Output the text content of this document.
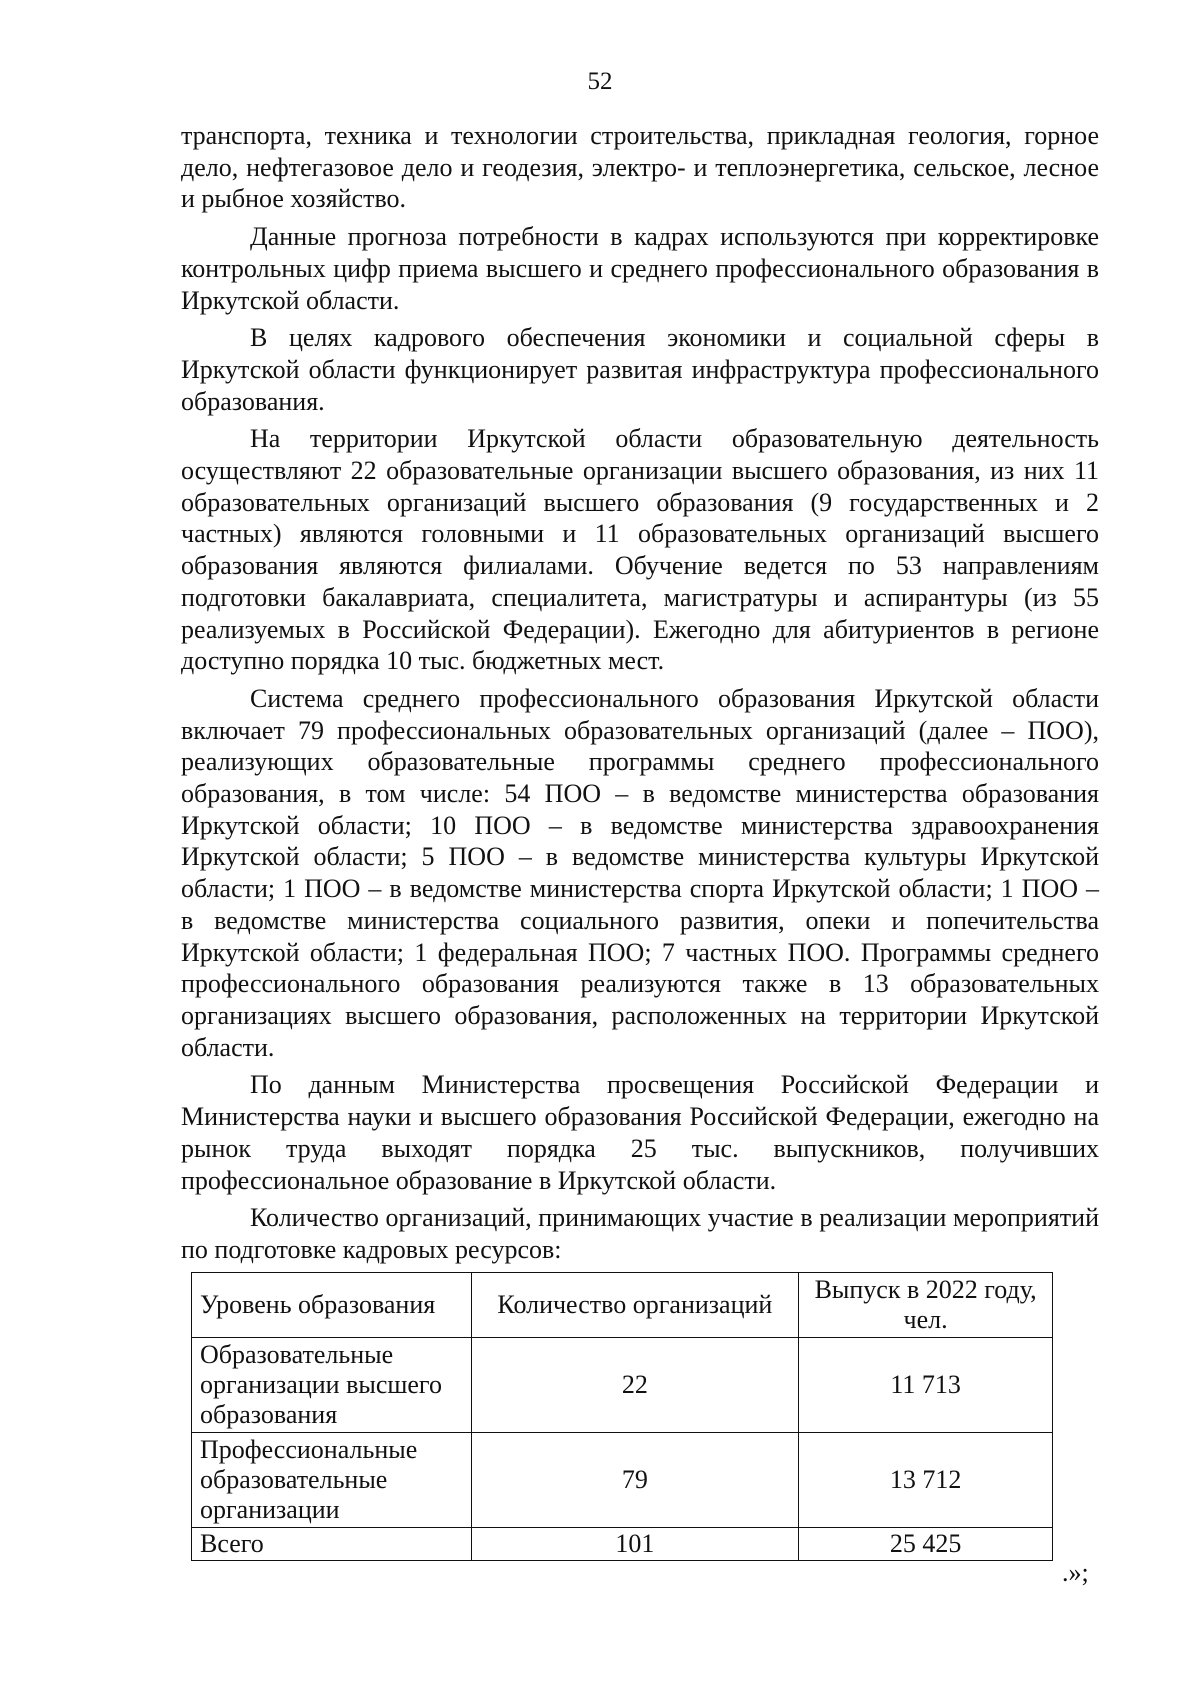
52

транспорта, техника и технологии строительства, прикладная геология, горное дело, нефтегазовое дело и геодезия, электро- и теплоэнергетика, сельское, лесное и рыбное хозяйство.

Данные прогноза потребности в кадрах используются при корректировке контрольных цифр приема высшего и среднего профессионального образования в Иркутской области.

В целях кадрового обеспечения экономики и социальной сферы в Иркутской области функционирует развитая инфраструктура профессионального образования.

На территории Иркутской области образовательную деятельность осуществляют 22 образовательные организации высшего образования, из них 11 образовательных организаций высшего образования (9 государственных и 2 частных) являются головными и 11 образовательных организаций высшего образования являются филиалами. Обучение ведется по 53 направлениям подготовки бакалавриата, специалитета, магистратуры и аспирантуры (из 55 реализуемых в Российской Федерации). Ежегодно для абитуриентов в регионе доступно порядка 10 тыс. бюджетных мест.

Система среднего профессионального образования Иркутской области включает 79 профессиональных образовательных организаций (далее – ПОО), реализующих образовательные программы среднего профессионального образования, в том числе: 54 ПОО – в ведомстве министерства образования Иркутской области; 10 ПОО – в ведомстве министерства здравоохранения Иркутской области; 5 ПОО – в ведомстве министерства культуры Иркутской области; 1 ПОО – в ведомстве министерства спорта Иркутской области; 1 ПОО – в ведомстве министерства социального развития, опеки и попечительства Иркутской области; 1 федеральная ПОО; 7 частных ПОО. Программы среднего профессионального образования реализуются также в 13 образовательных организациях высшего образования, расположенных на территории Иркутской области.

По данным Министерства просвещения Российской Федерации и Министерства науки и высшего образования Российской Федерации, ежегодно на рынок труда выходят порядка 25 тыс. выпускников, получивших профессиональное образование в Иркутской области.

Количество организаций, принимающих участие в реализации мероприятий по подготовке кадровых ресурсов:

Уровень образования	Количество организаций	Выпуск в 2022 году, чел.
Образовательные организации высшего образования	22	11 713
Профессиональные образовательные организации	79	13 712
Всего	101	25 425
.»;
